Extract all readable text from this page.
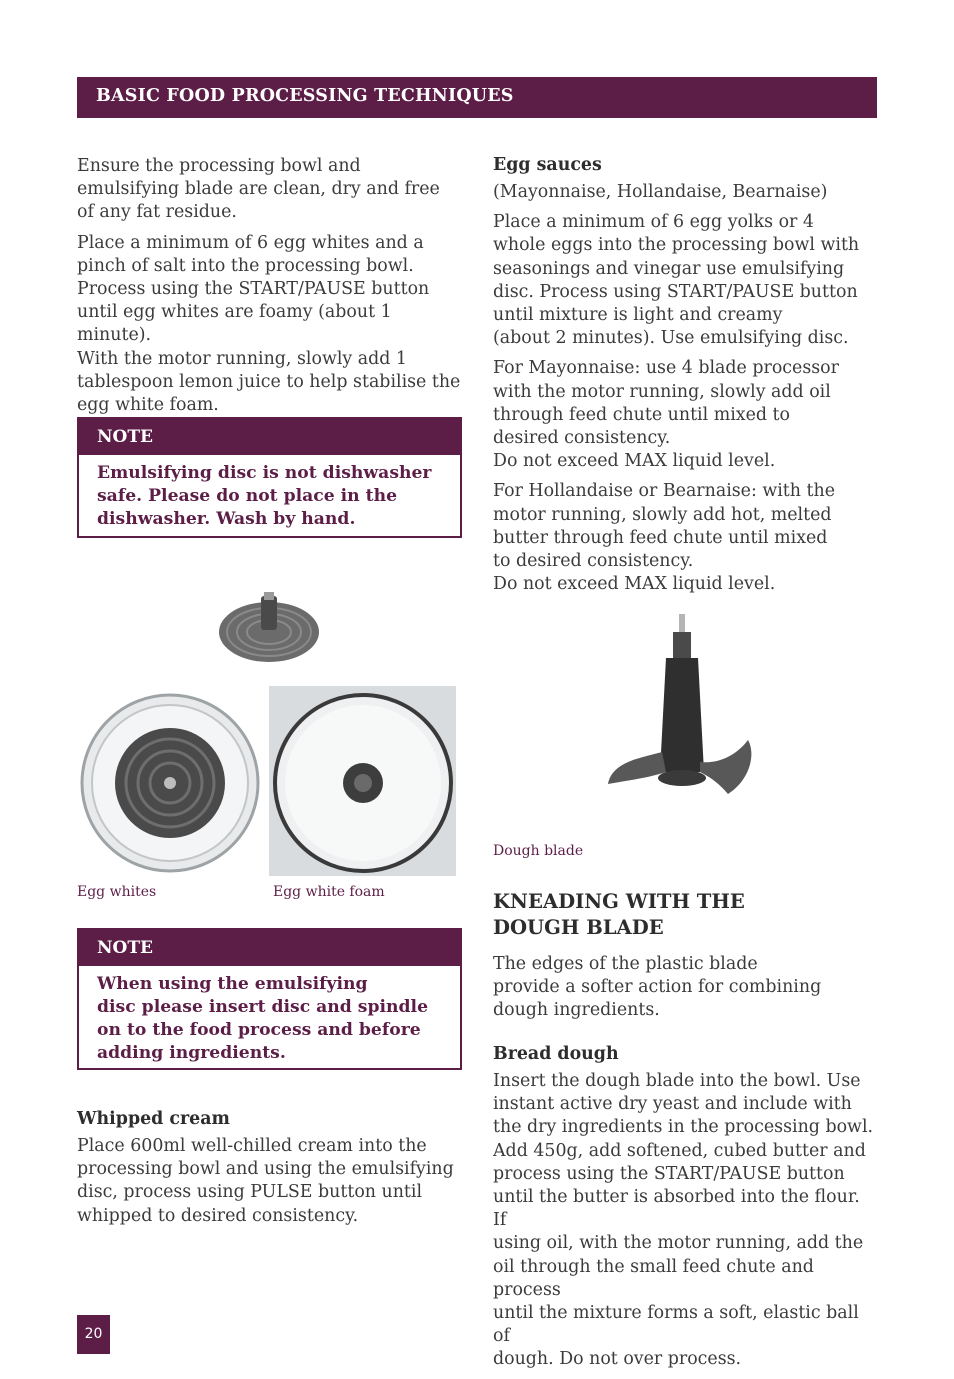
BASIC FOOD PROCESSING TECHNIQUES

Ensure the processing bowl and
emulsifying blade are clean, dry and free
of any fat residue.

Place a minimum of 6 egg whites and a
pinch of salt into the processing bowl.
Process using the START/PAUSE button
until egg whites are foamy (about 1 minute).
With the motor running, slowly add 1
tablespoon lemon juice to help stabilise the
egg white foam.

NOTE

Emulsifying disc is not dishwasher
safe. Please do not place in the
dishwasher. Wash by hand.

Egg whites	Egg white foam

NOTE

When using the emulsifying
disc please insert disc and spindle
on to the food process and before
adding ingredients.

Whipped cream

Place 600ml well-chilled cream into the
processing bowl and using the emulsifying
disc, process using PULSE button until
whipped to desired consistency.

Egg sauces

(Mayonnaise, Hollandaise, Bearnaise)

Place a minimum of 6 egg yolks or 4
whole eggs into the processing bowl with
seasonings and vinegar use emulsifying
disc. Process using START/PAUSE button
until mixture is light and creamy
(about 2 minutes). Use emulsifying disc.

For Mayonnaise: use 4 blade processor
with the motor running, slowly add oil
through feed chute until mixed to
desired consistency.
Do not exceed MAX liquid level.

For Hollandaise or Bearnaise: with the
motor running, slowly add hot, melted
butter through feed chute until mixed
to desired consistency.
Do not exceed MAX liquid level.

Dough blade

KNEADING WITH THE
DOUGH BLADE

The edges of the plastic blade
provide a softer action for combining
dough ingredients.

Bread dough

Insert the dough blade into the bowl. Use
instant active dry yeast and include with
the dry ingredients in the processing bowl.
Add 450g, add softened, cubed butter and
process using the START/PAUSE button
until the butter is absorbed into the flour. If
using oil, with the motor running, add the
oil through the small feed chute and process
until the mixture forms a soft, elastic ball of
dough. Do not over process.

20
